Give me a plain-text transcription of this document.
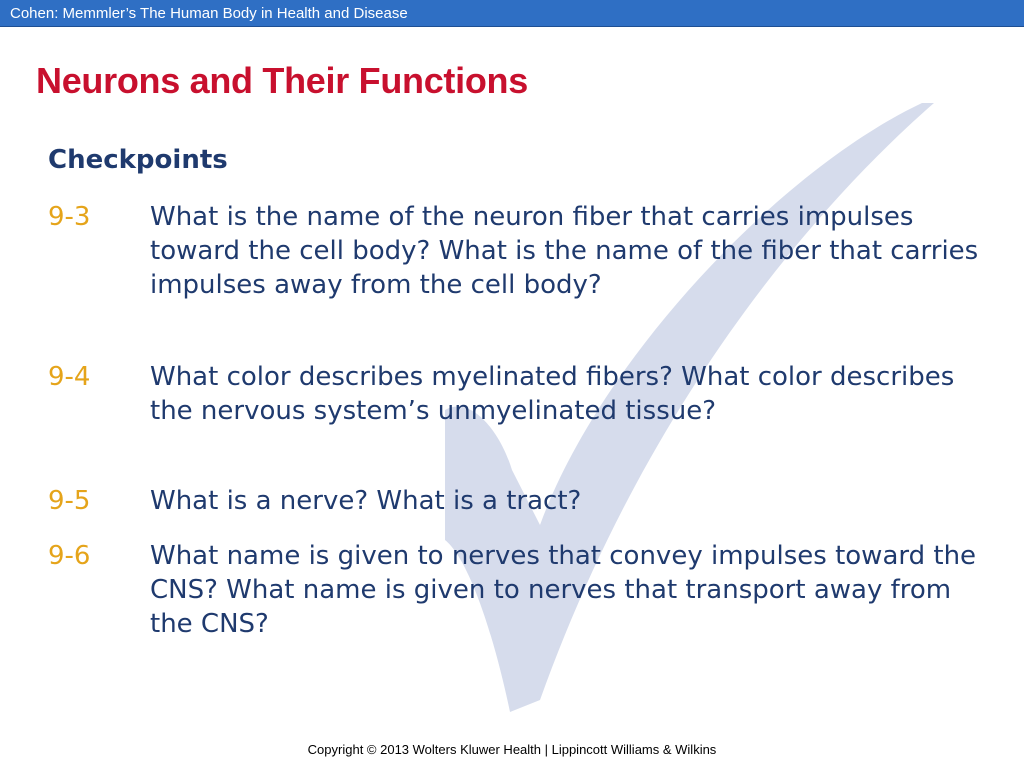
Cohen: Memmler’s The Human Body in Health and Disease
Neurons and Their Functions
Checkpoints
9-3 What is the name of the neuron fiber that carries impulses toward the cell body? What is the name of the fiber that carries impulses away from the cell body?
9-4 What color describes myelinated fibers? What color describes the nervous system’s unmyelinated tissue?
9-5 What is a nerve? What is a tract?
9-6 What name is given to nerves that convey impulses toward the CNS? What name is given to nerves that transport away from the CNS?
Copyright © 2013 Wolters Kluwer Health | Lippincott Williams & Wilkins
